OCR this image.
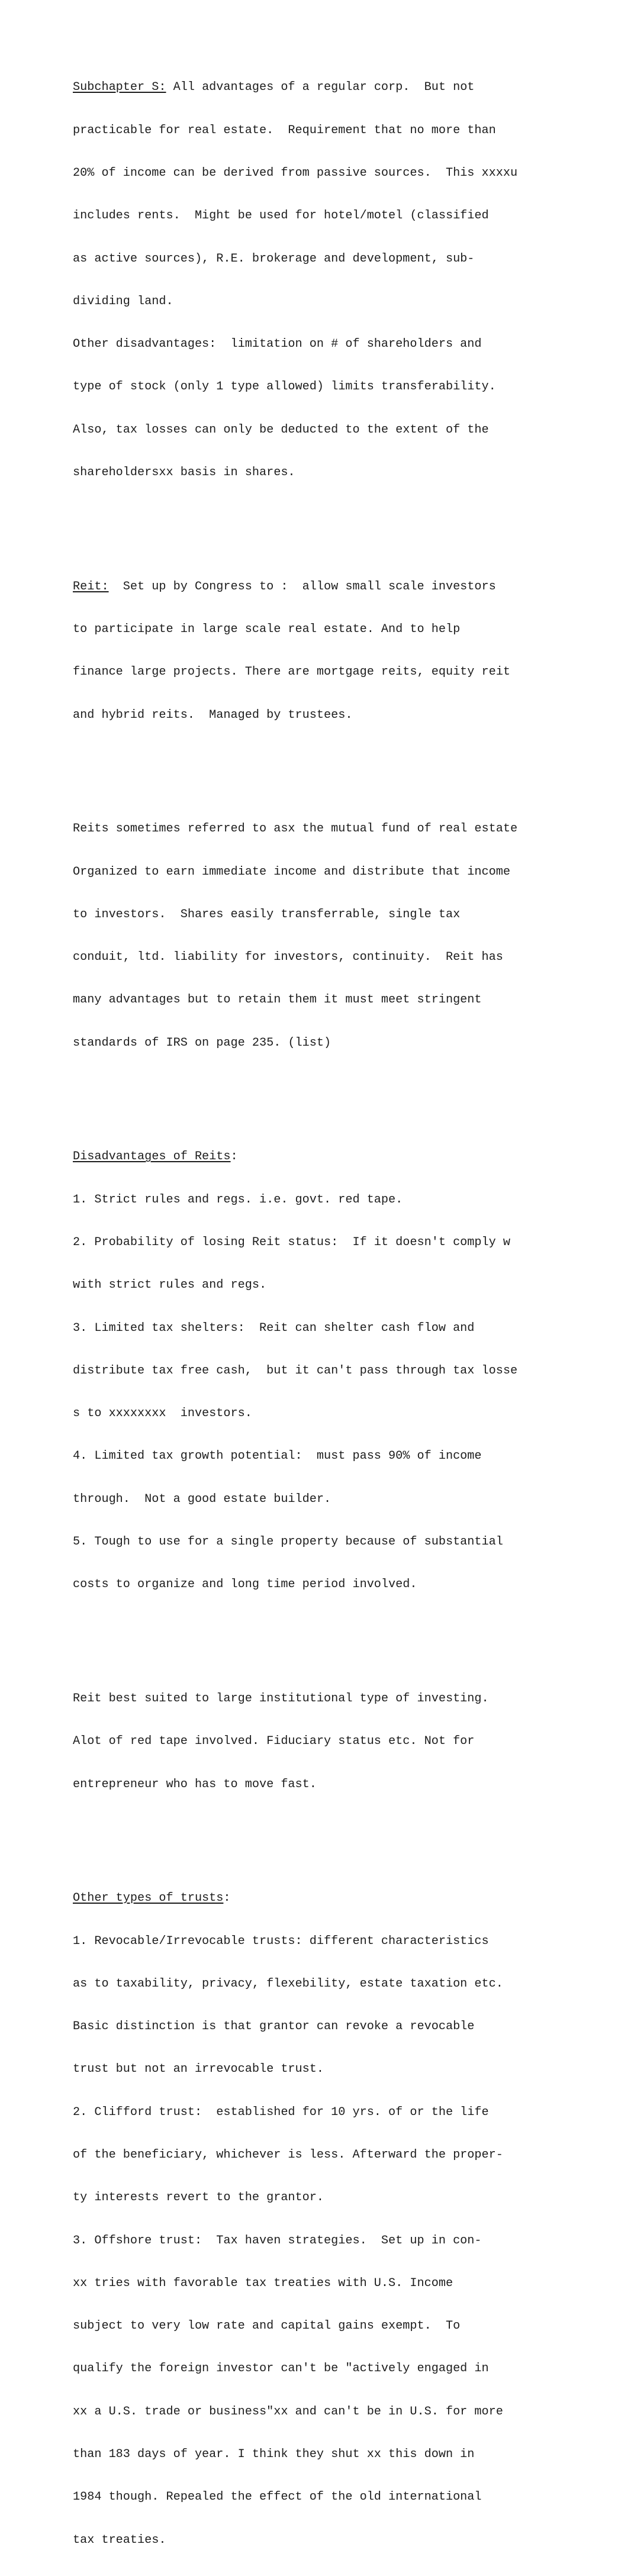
Subchapter S: All advantages of a regular corp.  But not

practicable for real estate.  Requirement that no more than

20% of income can be derived from passive sources.  This xxxxu

includes rents.  Might be used for hotel/motel (classified

as active sources), R.E. brokerage and development, sub-

dividing land.

Other disadvantages:  limitation on # of shareholders and

type of stock (only 1 type allowed) limits transferability.

Also, tax losses can only be deducted to the extent of the

shareholdersxx basis in shares.

Reit:  Set up by Congress to :  allow small scale investors

to participate in large scale real estate. And to help

finance large projects. There are mortgage reits, equity reit

and hybrid reits.  Managed by trustees.

Reits sometimes referred to asx the mutual fund of real estate

Organized to earn immediate income and distribute that income

to investors.  Shares easily transferrable, single tax

conduit, ltd. liability for investors, continuity.  Reit has

many advantages but to retain them it must meet stringent

standards of IRS on page 235. (list)

Disadvantages of Reits:

1. Strict rules and regs. i.e. govt. red tape.

2. Probability of losing Reit status:  If it doesn't comply w

with strict rules and regs.

3. Limited tax shelters:  Reit can shelter cash flow and

distribute tax free cash,  but it can't pass through tax losse

s to xxxxxxxx  investors.

4. Limited tax growth potential:  must pass 90% of income

through.  Not a good estate builder.

5. Tough to use for a single property because of substantial

costs to organize and long time period involved.

Reit best suited to large institutional type of investing.

Alot of red tape involved. Fiduciary status etc. Not for

entrepreneur who has to move fast.

Other types of trusts:

1. Revocable/Irrevocable trusts: different characteristics

as to taxability, privacy, flexebility, estate taxation etc.

Basic distinction is that grantor can revoke a revocable

trust but not an irrevocable trust.

2. Clifford trust:  established for 10 yrs. of or the life

of the beneficiary, whichever is less. Afterward the proper-

ty interests revert to the grantor.

3. Offshore trust:  Tax haven strategies.  Set up in con-

xx tries with favorable tax treaties with U.S. Income

subject to very low rate and capital gains exempt.  To

qualify the foreign investor can't be "actively engaged in

xx a U.S. trade or business"xx and can't be in U.S. for more

than 183 days of year. I think they shut xx this down in

1984 though. Repealed the effect of the old international

tax treaties.
